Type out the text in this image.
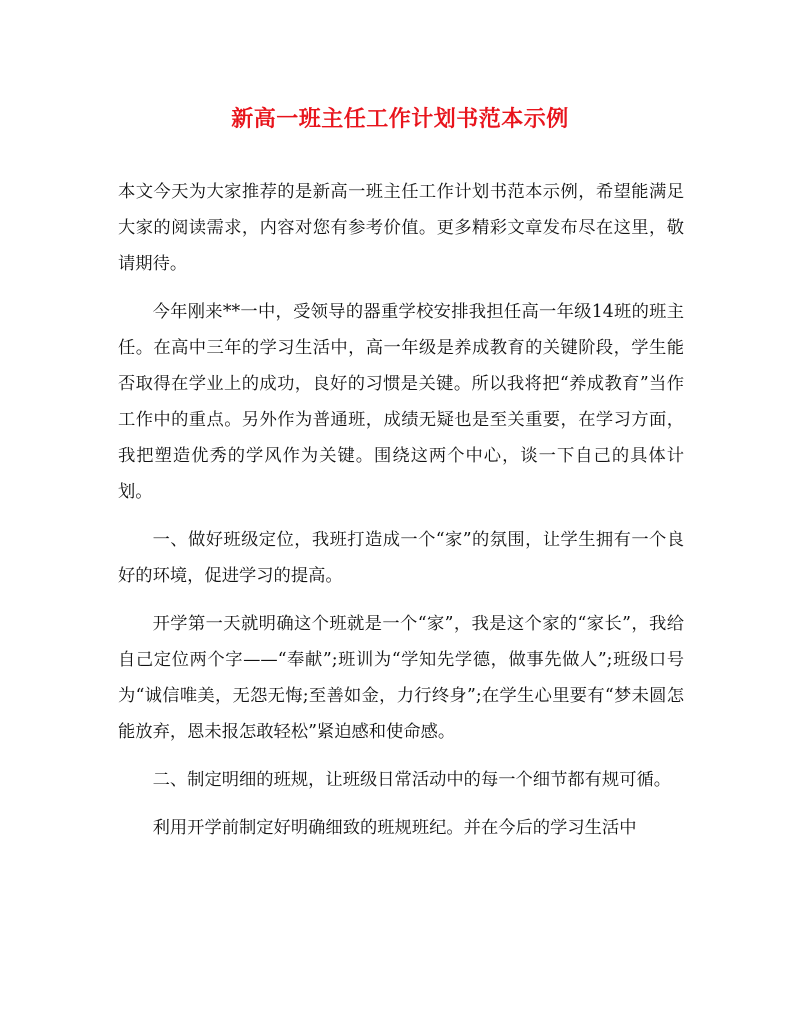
新高一班主任工作计划书范本示例

本文今天为大家推荐的是新高一班主任工作计划书范本示例，希望能满足大家的阅读需求，内容对您有参考价值。更多精彩文章发布尽在这里，敬请期待。

今年刚来**一中，受领导的器重学校安排我担任高一年级14班的班主任。在高中三年的学习生活中，高一年级是养成教育的关键阶段，学生能否取得在学业上的成功，良好的习惯是关键。所以我将把“养成教育”当作工作中的重点。另外作为普通班，成绩无疑也是至关重要，在学习方面，我把塑造优秀的学风作为关键。围绕这两个中心，谈一下自己的具体计划。

一、做好班级定位，我班打造成一个“家”的氛围，让学生拥有一个良好的环境，促进学习的提高。

开学第一天就明确这个班就是一个“家”，我是这个家的“家长”，我给自己定位两个字——“奉献”;班训为“学知先学德，做事先做人”;班级口号为“诚信唯美，无怨无悔;至善如金，力行终身”;在学生心里要有“梦未圆怎能放弃，恩未报怎敢轻松”紧迫感和使命感。

二、制定明细的班规，让班级日常活动中的每一个细节都有规可循。

利用开学前制定好明确细致的班规班纪。并在今后的学习生活中
